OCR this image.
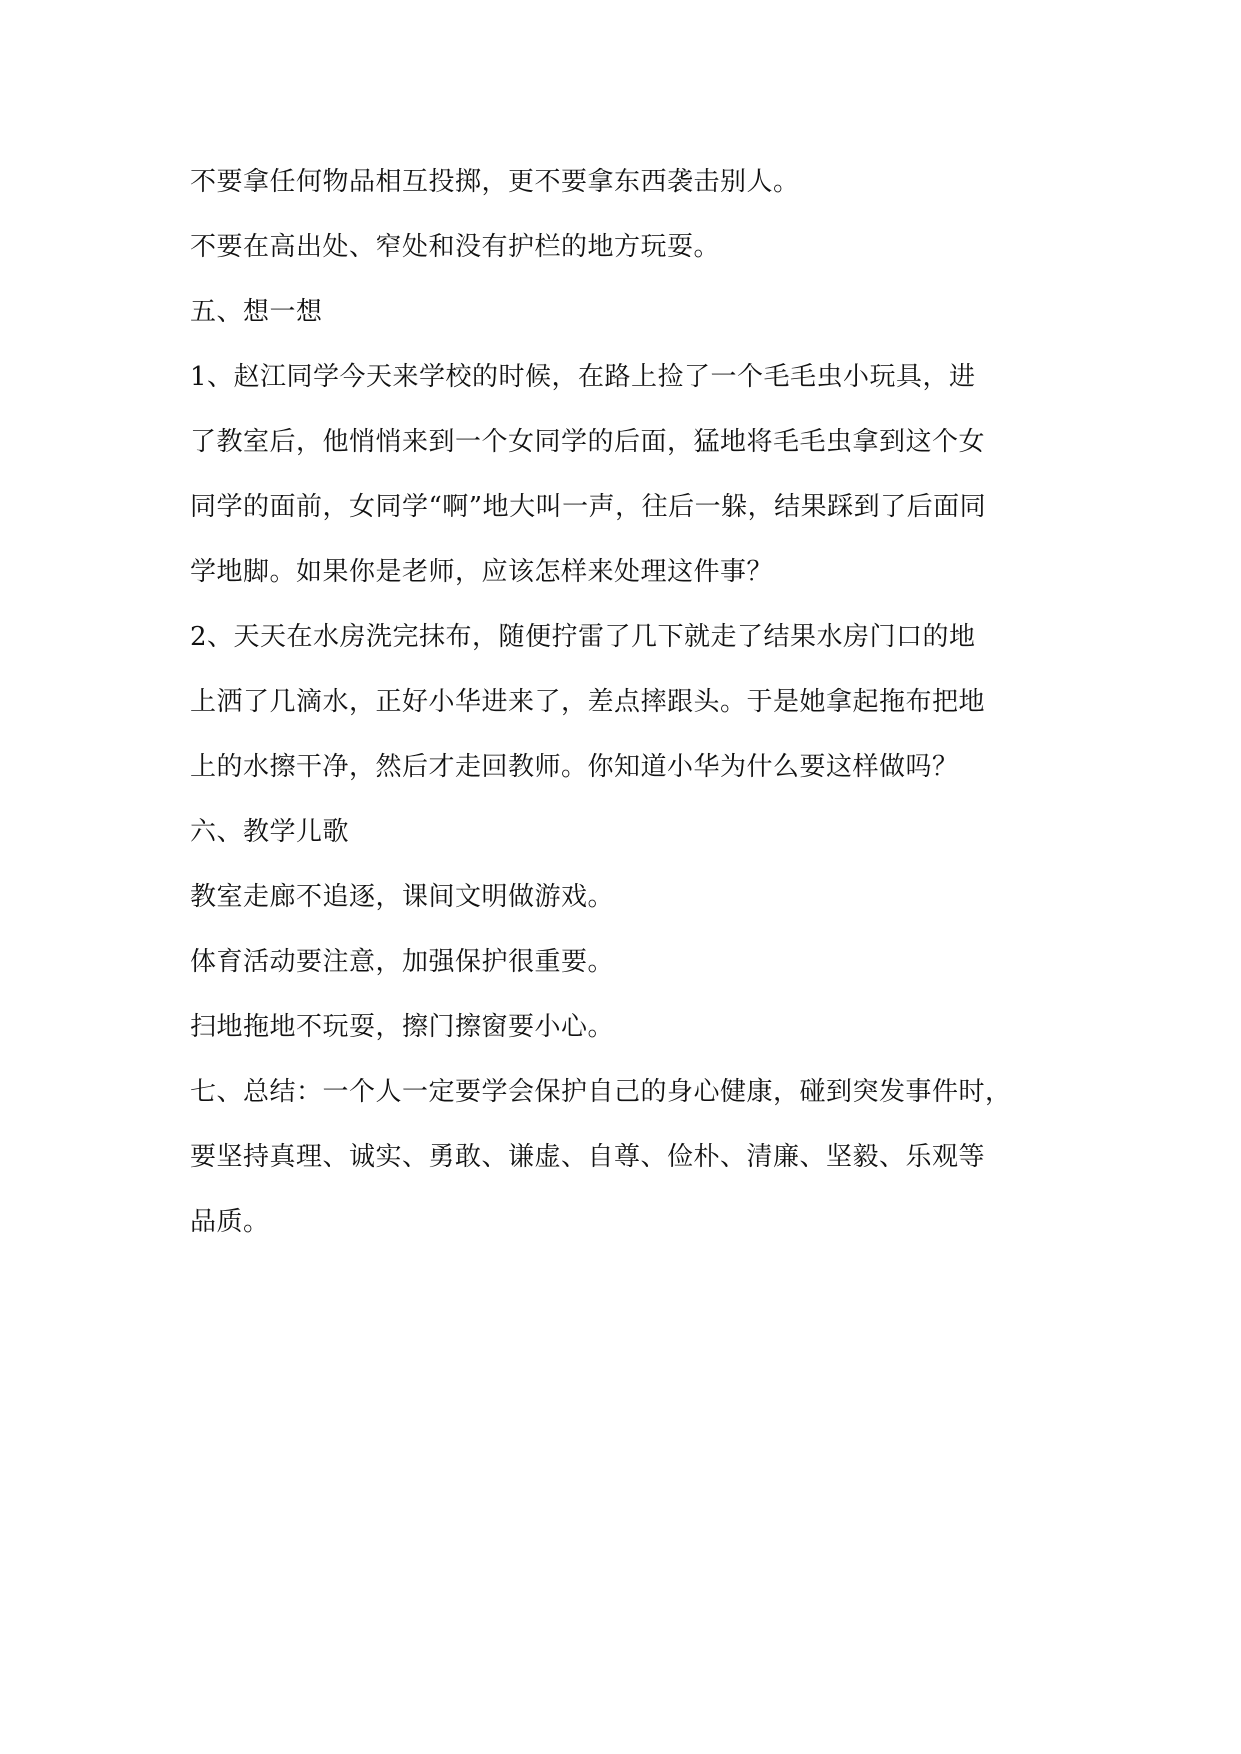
不要拿任何物品相互投掷，更不要拿东西袭击别人。
不要在高出处、窄处和没有护栏的地方玩耍。
五、想一想
1、赵江同学今天来学校的时候，在路上捡了一个毛毛虫小玩具，进
了教室后，他悄悄来到一个女同学的后面，猛地将毛毛虫拿到这个女
同学的面前，女同学“啊”地大叫一声，往后一躲，结果踩到了后面同
学地脚。如果你是老师，应该怎样来处理这件事？
2、天天在水房洗完抹布，随便拧雷了几下就走了结果水房门口的地
上洒了几滴水，正好小华进来了，差点摔跟头。于是她拿起拖布把地
上的水擦干净，然后才走回教师。你知道小华为什么要这样做吗？
六、教学儿歌
教室走廊不追逐，课间文明做游戏。
体育活动要注意，加强保护很重要。
扫地拖地不玩耍，擦门擦窗要小心。
七、总结：一个人一定要学会保护自己的身心健康，碰到突发事件时，
要坚持真理、诚实、勇敢、谦虚、自尊、俭朴、清廉、坚毅、乐观等
品质。
